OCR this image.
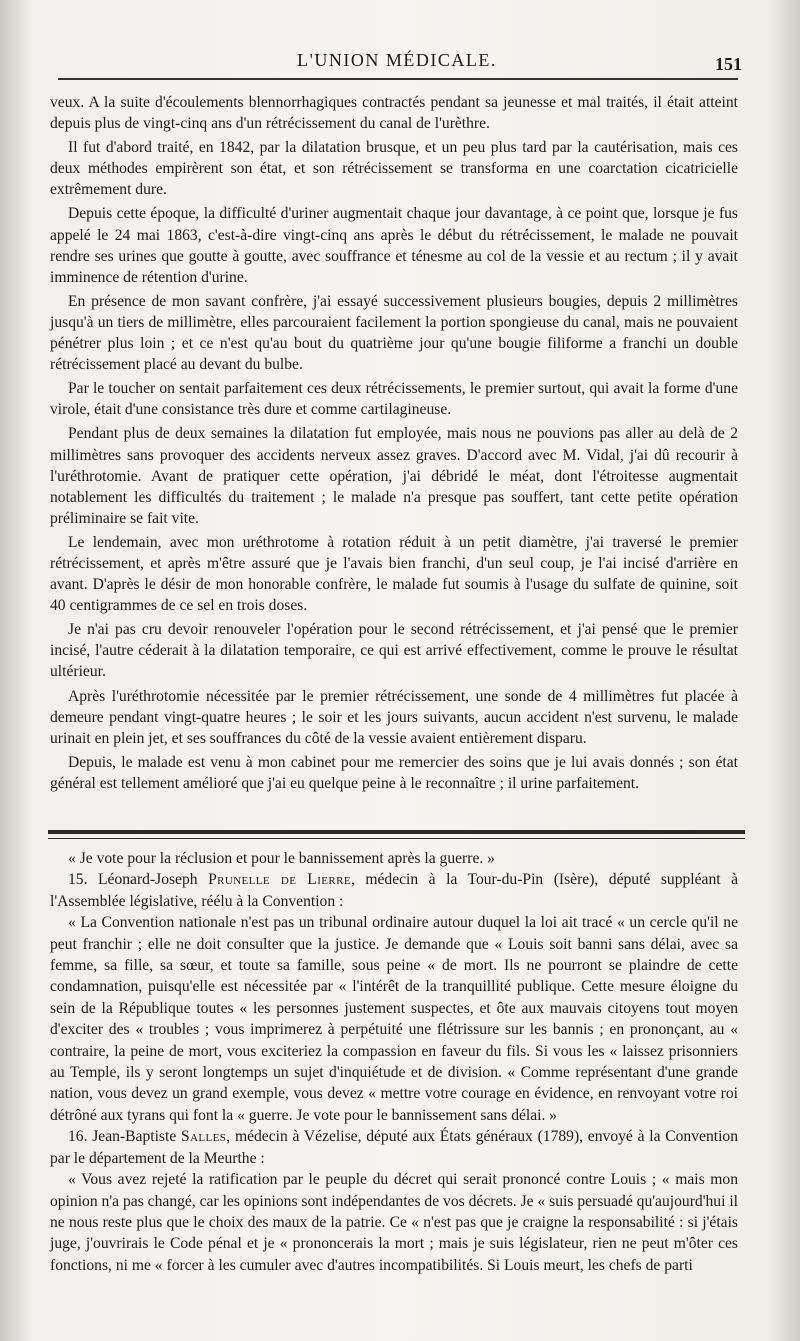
L'UNION MÉDICALE.	151

veux. A la suite d'écoulements blennorrhagiques contractés pendant sa jeunesse et mal traités, il était atteint depuis plus de vingt-cinq ans d'un rétrécissement du canal de l'urèthre.

Il fut d'abord traité, en 1842, par la dilatation brusque, et un peu plus tard par la cautérisation, mais ces deux méthodes empirèrent son état, et son rétrécissement se transforma en une coarctation cicatricielle extrêmement dure.

Depuis cette époque, la difficulté d'uriner augmentait chaque jour davantage, à ce point que, lorsque je fus appelé le 24 mai 1863, c'est-à-dire vingt-cinq ans après le début du rétrécissement, le malade ne pouvait rendre ses urines que goutte à goutte, avec souffrance et ténesme au col de la vessie et au rectum ; il y avait imminence de rétention d'urine.

En présence de mon savant confrère, j'ai essayé successivement plusieurs bougies, depuis 2 millimètres jusqu'à un tiers de millimètre, elles parcouraient facilement la portion spongieuse du canal, mais ne pouvaient pénétrer plus loin ; et ce n'est qu'au bout du quatrième jour qu'une bougie filiforme a franchi un double rétrécissement placé au devant du bulbe.

Par le toucher on sentait parfaitement ces deux rétrécissements, le premier surtout, qui avait la forme d'une virole, était d'une consistance très dure et comme cartilagineuse.

Pendant plus de deux semaines la dilatation fut employée, mais nous ne pouvions pas aller au delà de 2 millimètres sans provoquer des accidents nerveux assez graves. D'accord avec M. Vidal, j'ai dû recourir à l'uréthrotomie. Avant de pratiquer cette opération, j'ai débridé le méat, dont l'étroitesse augmentait notablement les difficultés du traitement ; le malade n'a presque pas souffert, tant cette petite opération préliminaire se fait vite.

Le lendemain, avec mon uréthrotome à rotation réduit à un petit diamètre, j'ai traversé le premier rétrécissement, et après m'être assuré que je l'avais bien franchi, d'un seul coup, je l'ai incisé d'arrière en avant. D'après le désir de mon honorable confrère, le malade fut soumis à l'usage du sulfate de quinine, soit 40 centigrammes de ce sel en trois doses.

Je n'ai pas cru devoir renouveler l'opération pour le second rétrécissement, et j'ai pensé que le premier incisé, l'autre céderait à la dilatation temporaire, ce qui est arrivé effectivement, comme le prouve le résultat ultérieur.

Après l'uréthrotomie nécessitée par le premier rétrécissement, une sonde de 4 millimètres fut placée à demeure pendant vingt-quatre heures ; le soir et les jours suivants, aucun accident n'est survenu, le malade urinait en plein jet, et ses souffrances du côté de la vessie avaient entièrement disparu.

Depuis, le malade est venu à mon cabinet pour me remercier des soins que je lui avais donnés ; son état général est tellement amélioré que j'ai eu quelque peine à le reconnaître ; il urine parfaitement.

« Je vote pour la réclusion et pour le bannissement après la guerre. »

15. Léonard-Joseph Prunelle de Lierre, médecin à la Tour-du-Pin (Isère), député suppléant à l'Assemblée législative, réélu à la Convention :

« La Convention nationale n'est pas un tribunal ordinaire autour duquel la loi ait tracé « un cercle qu'il ne peut franchir ; elle ne doit consulter que la justice. Je demande que « Louis soit banni sans délai, avec sa femme, sa fille, sa sœur, et toute sa famille, sous peine « de mort. Ils ne pourront se plaindre de cette condamnation, puisqu'elle est nécessitée par « l'intérêt de la tranquillité publique. Cette mesure éloigne du sein de la République toutes « les personnes justement suspectes, et ôte aux mauvais citoyens tout moyen d'exciter des « troubles ; vous imprimerez à perpétuité une flétrissure sur les bannis ; en prononçant, au « contraire, la peine de mort, vous exciteriez la compassion en faveur du fils. Si vous les « laissez prisonniers au Temple, ils y seront longtemps un sujet d'inquiétude et de division. « Comme représentant d'une grande nation, vous devez un grand exemple, vous devez « mettre votre courage en évidence, en renvoyant votre roi détrôné aux tyrans qui font la « guerre. Je vote pour le bannissement sans délai. »

16. Jean-Baptiste Salles, médecin à Vézelise, député aux États généraux (1789), envoyé à la Convention par le département de la Meurthe :

« Vous avez rejeté la ratification par le peuple du décret qui serait prononcé contre Louis ; « mais mon opinion n'a pas changé, car les opinions sont indépendantes de vos décrets. Je « suis persuadé qu'aujourd'hui il ne nous reste plus que le choix des maux de la patrie. Ce « n'est pas que je craigne la responsabilité : si j'étais juge, j'ouvrirais le Code pénal et je « prononcerais la mort ; mais je suis législateur, rien ne peut m'ôter ces fonctions, ni me « forcer à les cumuler avec d'autres incompatibilités. Si Louis meurt, les chefs de parti
